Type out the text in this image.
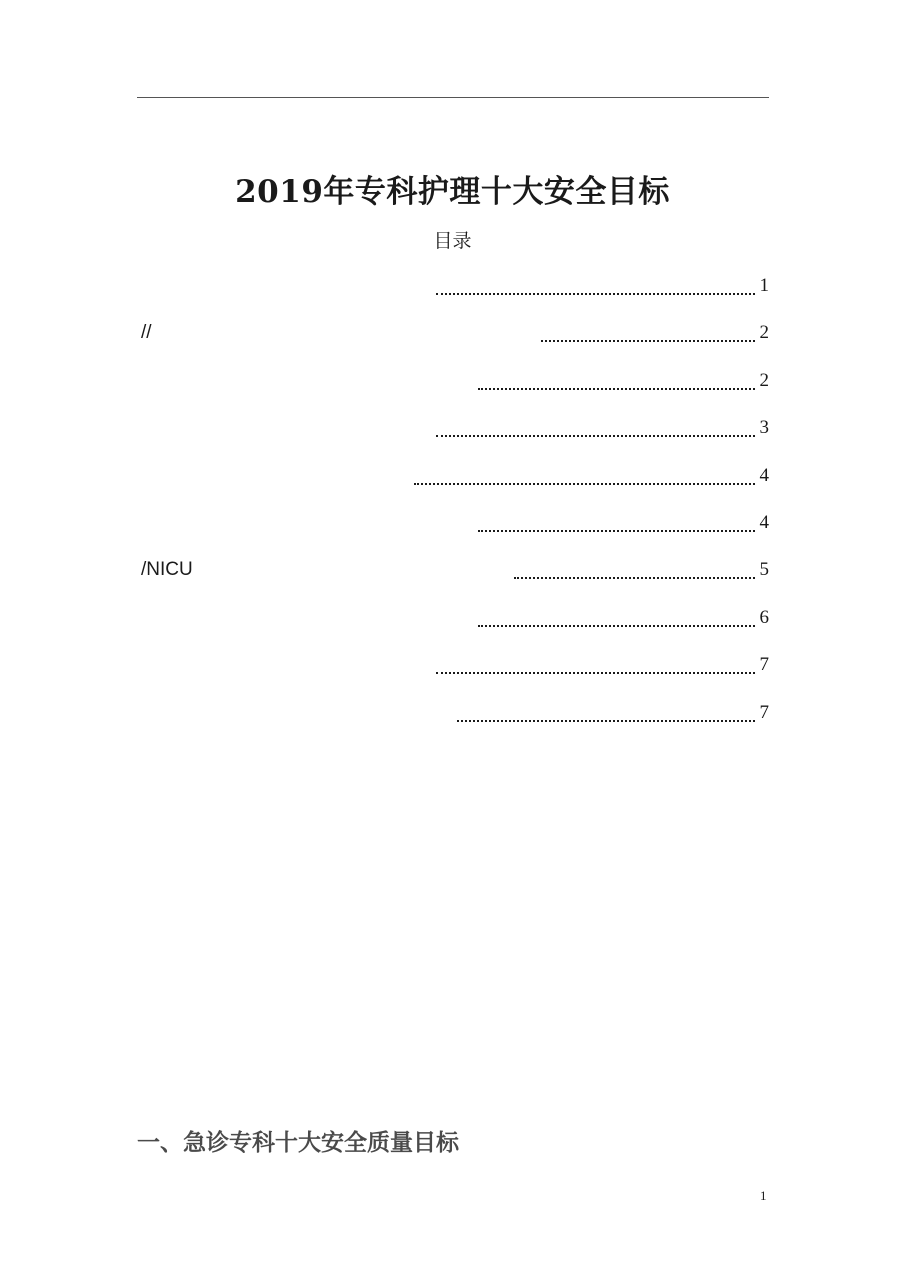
2019年专科护理十大安全目标
目录
1
//	2
2
3
4
4
/NICU	5
6
7
7
一、急诊专科十大安全质量目标
1
